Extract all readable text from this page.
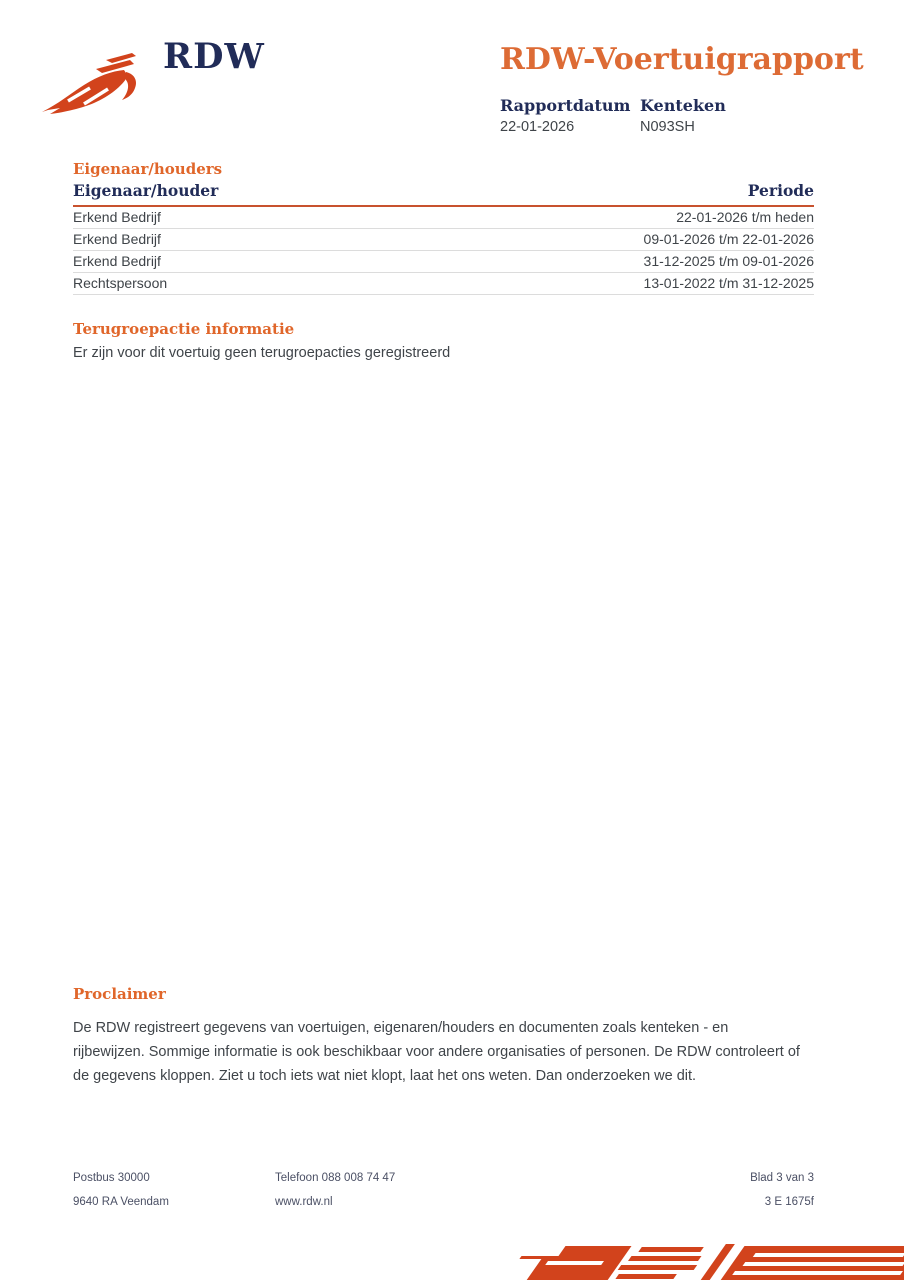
RDW	RDW-Voertuigrapport
Rapportdatum
22-01-2026
Kenteken
N093SH
Eigenaar/houders
Eigenaar/houder	Periode
Erkend Bedrijf	22-01-2026 t/m heden
Erkend Bedrijf	09-01-2026 t/m 22-01-2026
Erkend Bedrijf	31-12-2025 t/m 09-01-2026
Rechtspersoon	13-01-2022 t/m 31-12-2025
Terugroepactie informatie
Er zijn voor dit voertuig geen terugroepacties geregistreerd
Proclaimer

De RDW registreert gegevens van voertuigen, eigenaren/houders en documenten zoals kenteken - en rijbewijzen. Sommige informatie is ook beschikbaar voor andere organisaties of personen. De RDW controleert of de gegevens kloppen. Ziet u toch iets wat niet klopt, laat het ons weten. Dan onderzoeken we dit.

Postbus 30000
9640 RA Veendam
Telefoon 088 008 74 47
www.rdw.nl
Blad 3 van 3
3 E 1675f
